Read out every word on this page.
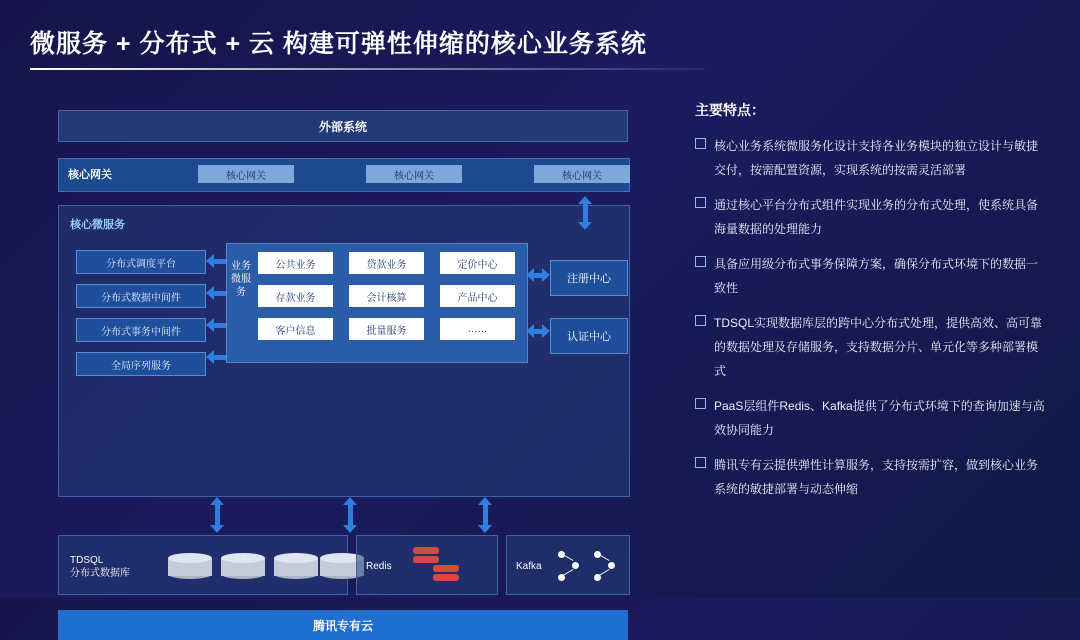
微服务 + 分布式 + 云 构建可弹性伸缩的核心业务系统
外部系统
核心网关	核心网关	核心网关	核心网关
核心微服务
分布式调度平台
分布式数据中间件
分布式事务中间件
全局序列服务
业务微服务
公共业务	贷款业务	定价中心
存款业务	会计核算	产品中心
客户信息	批量服务	……
注册中心
认证中心
TDSQL
分布式数据库
Redis	Kafka
腾讯专有云
主要特点：
核心业务系统微服务化设计支持各业务模块的独立设计与敏捷交付，按需配置资源，实现系统的按需灵活部署
通过核心平台分布式组件实现业务的分布式处理，使系统具备海量数据的处理能力
具备应用级分布式事务保障方案，确保分布式环境下的数据一致性
TDSQL实现数据库层的跨中心分布式处理，提供高效、高可靠的数据处理及存储服务，支持数据分片、单元化等多种部署模式
PaaS层组件Redis、Kafka提供了分布式环境下的查询加速与高效协同能力
腾讯专有云提供弹性计算服务，支持按需扩容，做到核心业务系统的敏捷部署与动态伸缩
